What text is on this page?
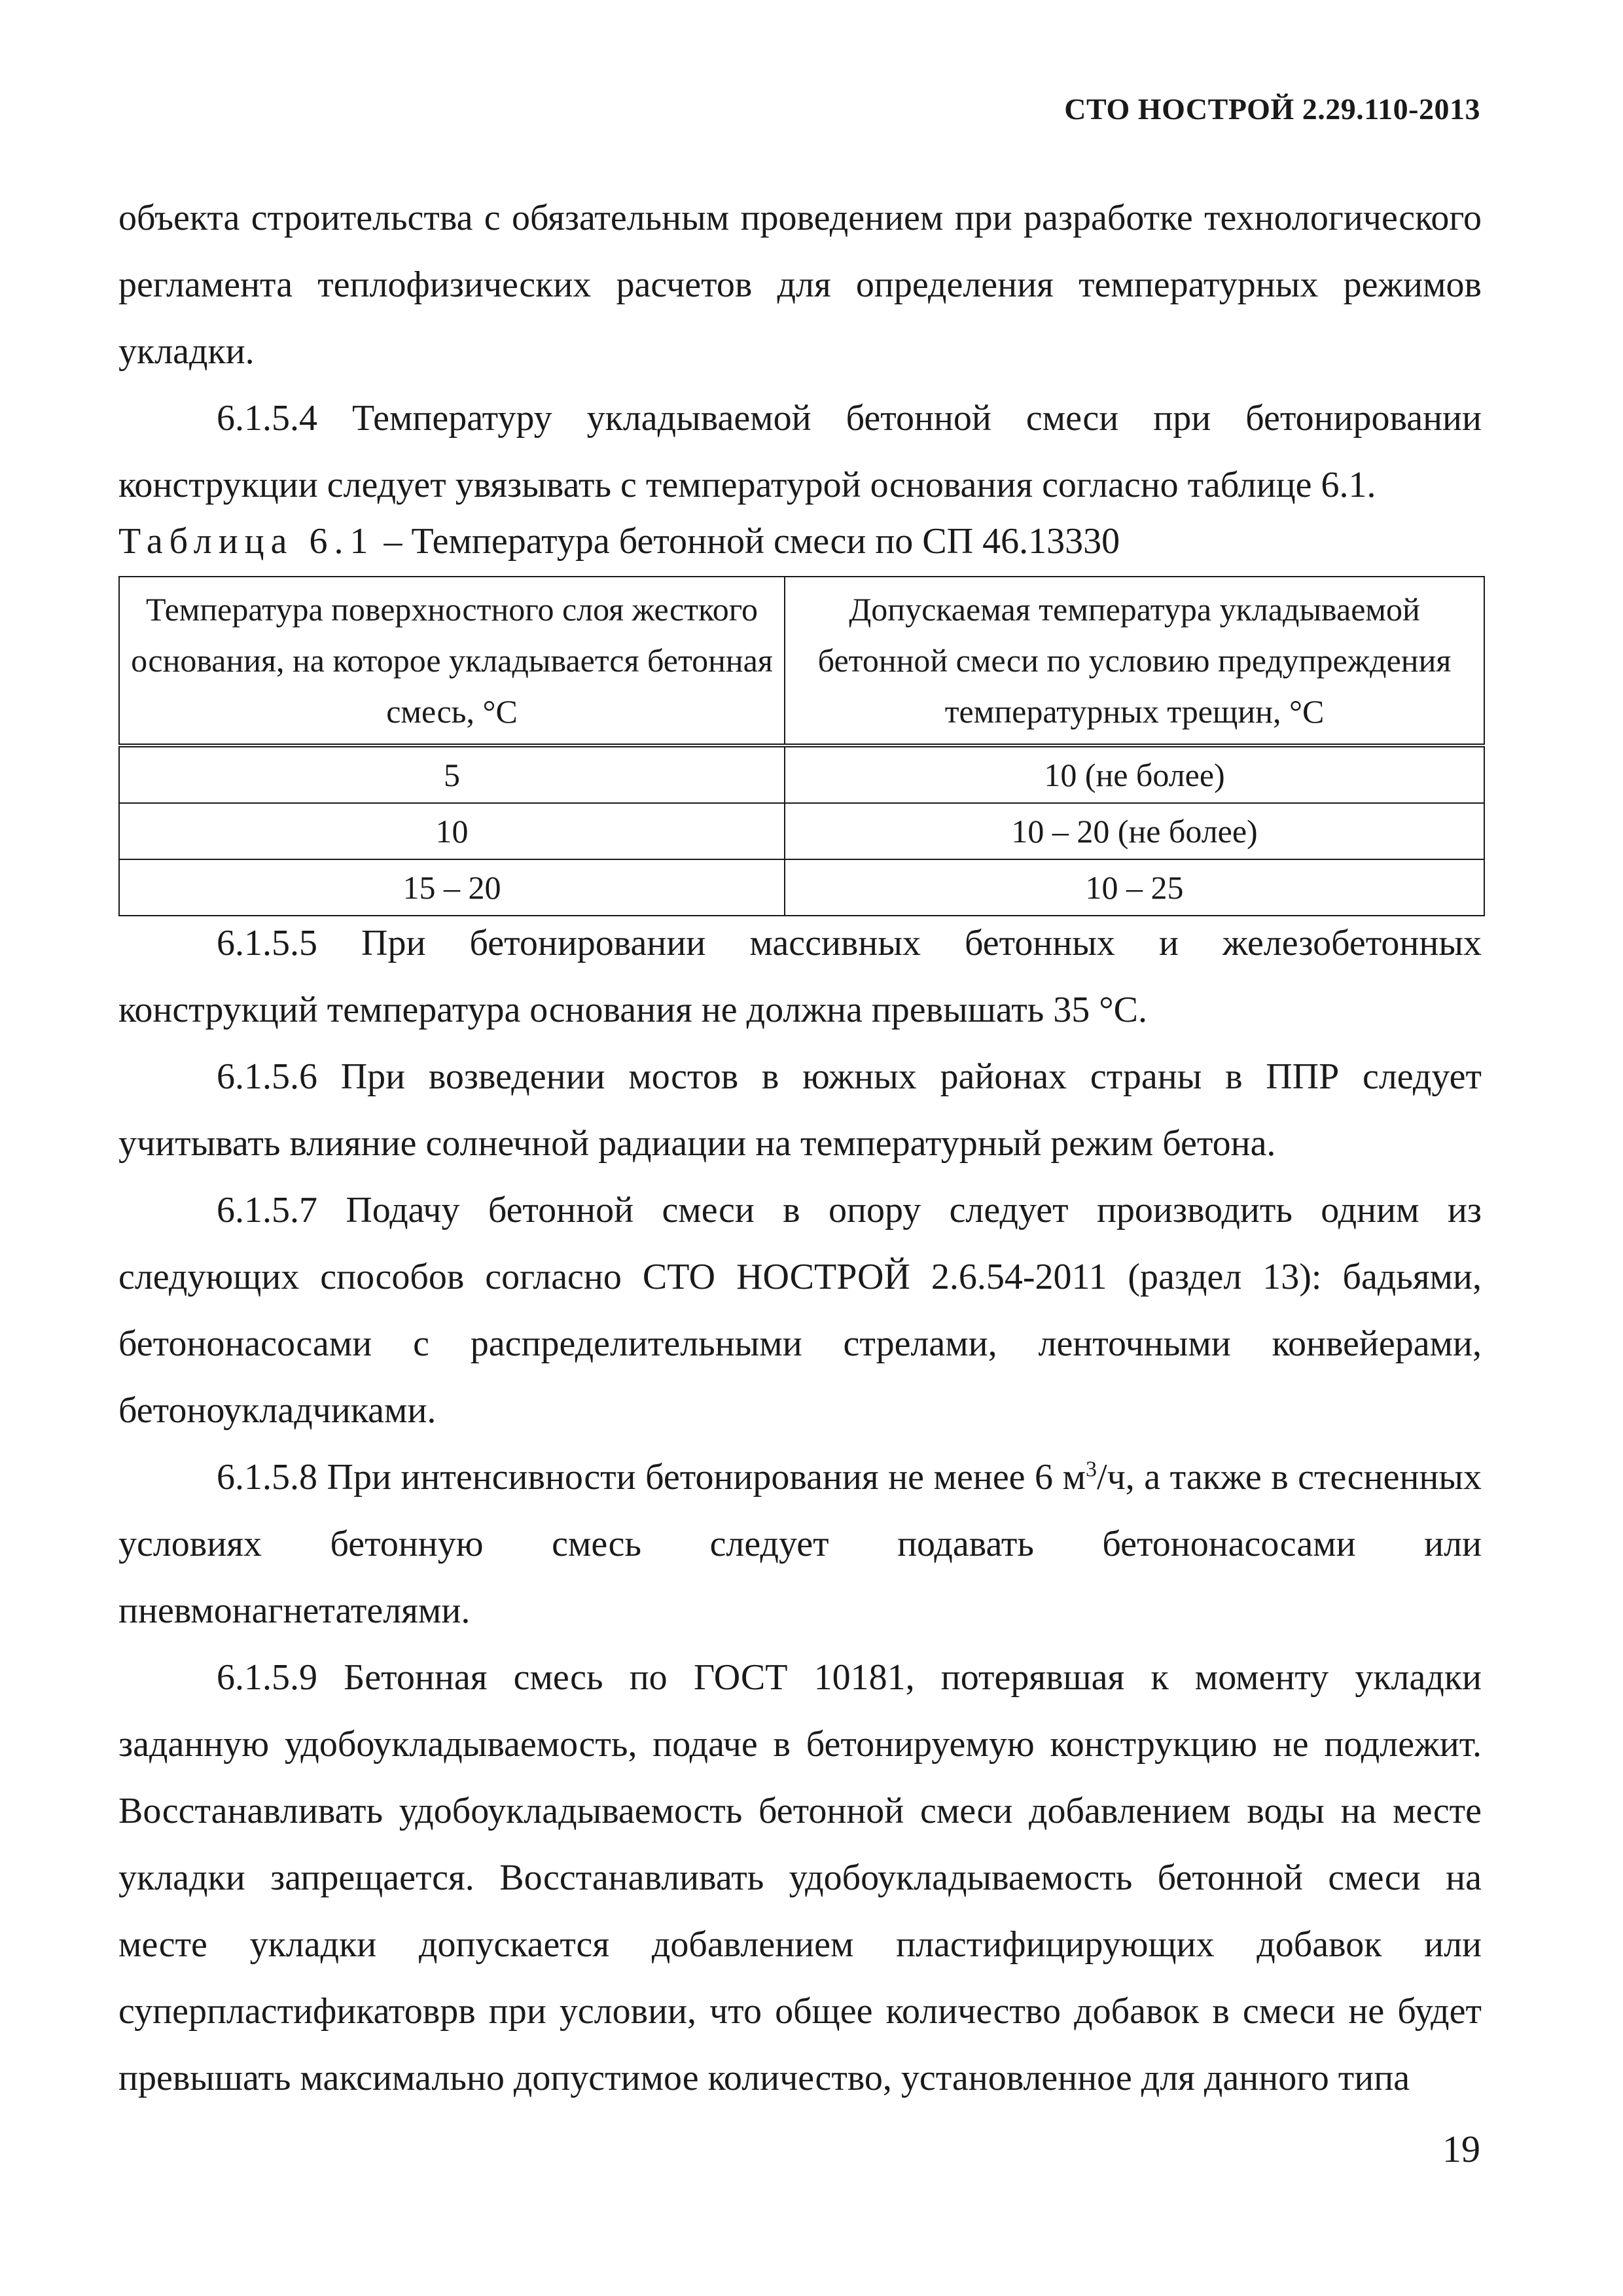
СТО НОСТРОЙ 2.29.110-2013

объекта строительства с обязательным проведением при разработке технологического регламента теплофизических расчетов для определения температурных режимов укладки.

6.1.5.4 Температуру укладываемой бетонной смеси при бетонировании конструкции следует увязывать с температурой основания согласно таблице 6.1.

Таблица 6.1 – Температура бетонной смеси по СП 46.13330
Температура поверхностного слоя жесткого основания, на которое укладывается бетонная смесь, °С	Допускаемая температура укладываемой бетонной смеси по условию предупреждения температурных трещин, °С
5	10 (не более)
10	10 – 20 (не более)
15 – 20	10 – 25

6.1.5.5 При бетонировании массивных бетонных и железобетонных конструкций температура основания не должна превышать 35 °С.

6.1.5.6 При возведении мостов в южных районах страны в ППР следует учитывать влияние солнечной радиации на температурный режим бетона.

6.1.5.7 Подачу бетонной смеси в опору следует производить одним из следующих способов согласно СТО НОСТРОЙ 2.6.54-2011 (раздел 13): бадьями, бетононасосами с распределительными стрелами, ленточными конвейерами, бетоноукладчиками.

6.1.5.8 При интенсивности бетонирования не менее 6 $м^3/ч$, а также в стесненных условиях бетонную смесь следует подавать бетононасосами или пневмонагнетателями.

6.1.5.9 Бетонная смесь по ГОСТ 10181, потерявшая к моменту укладки заданную удобоукладываемость, подаче в бетонируемую конструкцию не подлежит. Восстанавливать удобоукладываемость бетонной смеси добавлением воды на месте укладки запрещается. Восстанавливать удобоукладываемость бетонной смеси на месте укладки допускается добавлением пластифицирующих добавок или суперпластификатоврв при условии, что общее количество добавок в смеси не будет превышать максимально допустимое количество, установленное для данного типа

19
